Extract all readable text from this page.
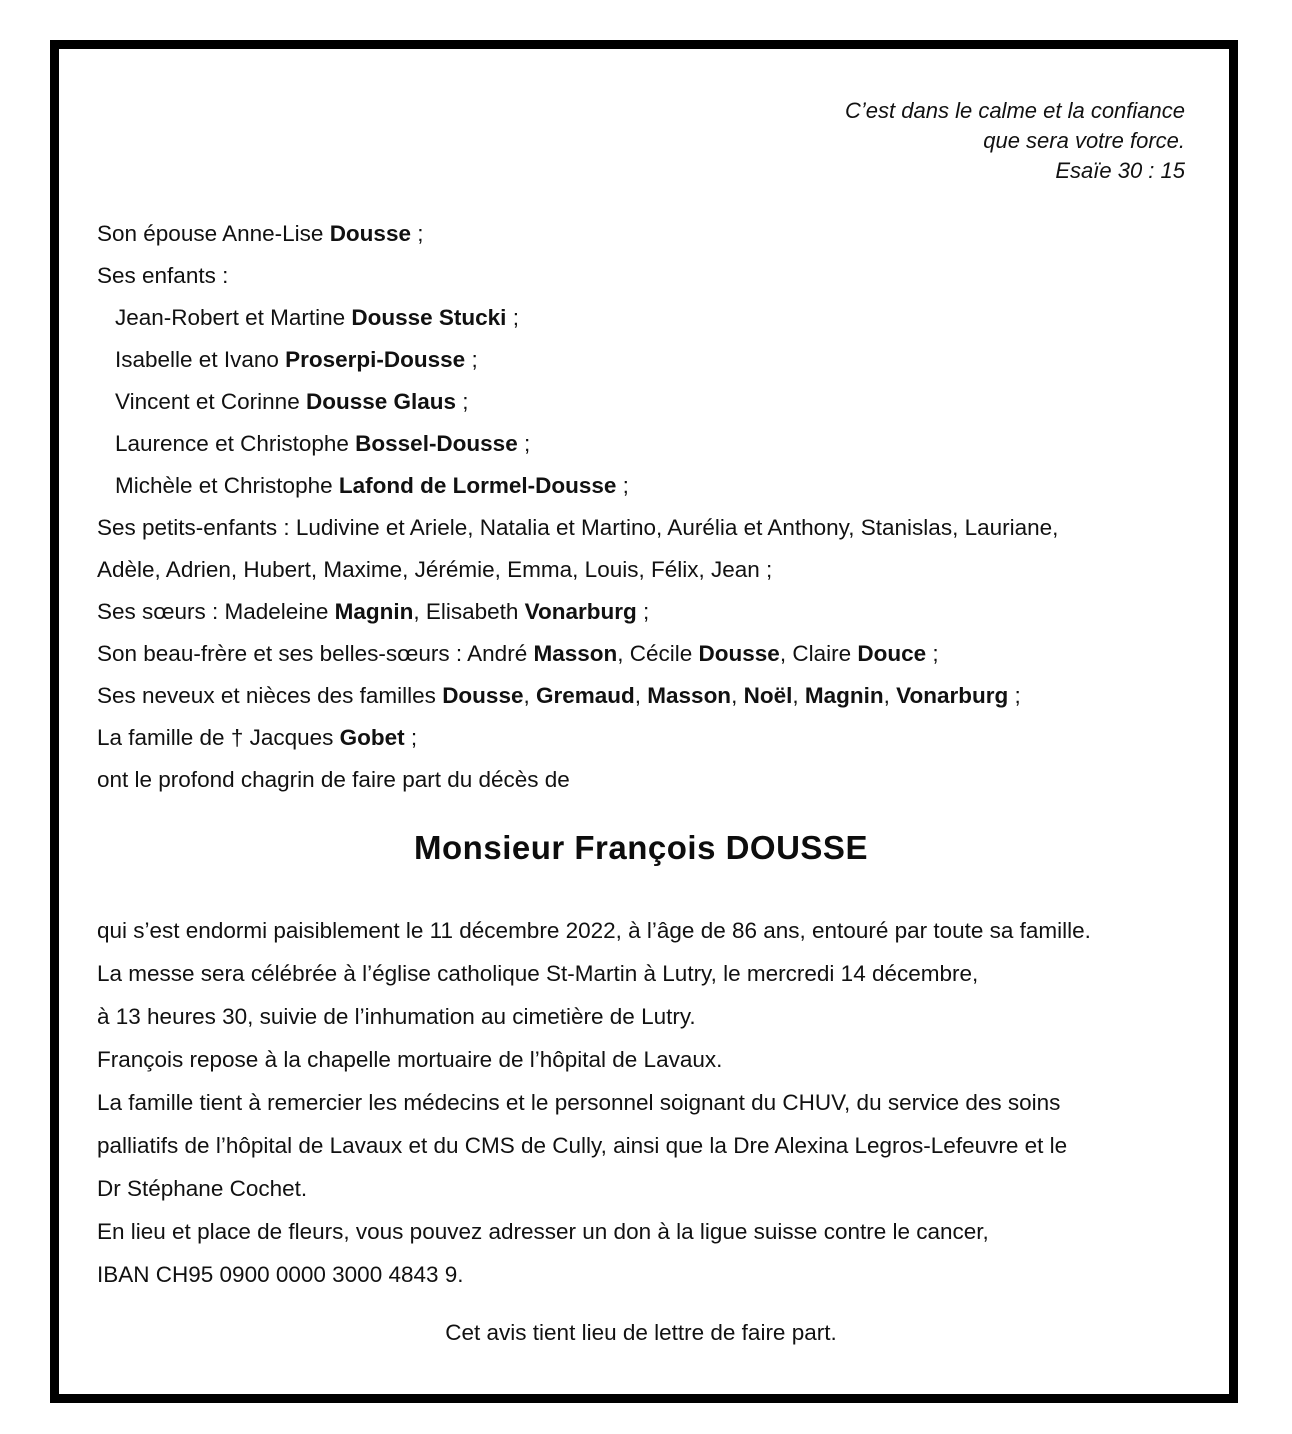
C’est dans le calme et la confiance
que sera votre force.
Esaïe 30 : 15
Son épouse Anne-Lise Dousse ;
Ses enfants :
Jean-Robert et Martine Dousse Stucki ;
Isabelle et Ivano Proserpi-Dousse ;
Vincent et Corinne Dousse Glaus ;
Laurence et Christophe Bossel-Dousse ;
Michèle et Christophe Lafond de Lormel-Dousse ;
Ses petits-enfants : Ludivine et Ariele, Natalia et Martino, Aurélia et Anthony, Stanislas, Lauriane,
Adèle, Adrien, Hubert, Maxime, Jérémie, Emma, Louis, Félix, Jean ;
Ses sœurs : Madeleine Magnin, Elisabeth Vonarburg ;
Son beau-frère et ses belles-sœurs : André Masson, Cécile Dousse, Claire Douce ;
Ses neveux et nièces des familles Dousse, Gremaud, Masson, Noël, Magnin, Vonarburg ;
La famille de † Jacques Gobet ;
ont le profond chagrin de faire part du décès de
Monsieur François DOUSSE
qui s’est endormi paisiblement le 11 décembre 2022, à l’âge de 86 ans, entouré par toute sa famille.
La messe sera célébrée à l’église catholique St-Martin à Lutry, le mercredi 14 décembre,
à 13 heures 30, suivie de l’inhumation au cimetière de Lutry.
François repose à la chapelle mortuaire de l’hôpital de Lavaux.
La famille tient à remercier les médecins et le personnel soignant du CHUV, du service des soins
palliatifs de l’hôpital de Lavaux et du CMS de Cully, ainsi que la Dre Alexina Legros-Lefeuvre et le
Dr Stéphane Cochet.
En lieu et place de fleurs, vous pouvez adresser un don à la ligue suisse contre le cancer,
IBAN CH95 0900 0000 3000 4843 9.
Cet avis tient lieu de lettre de faire part.
